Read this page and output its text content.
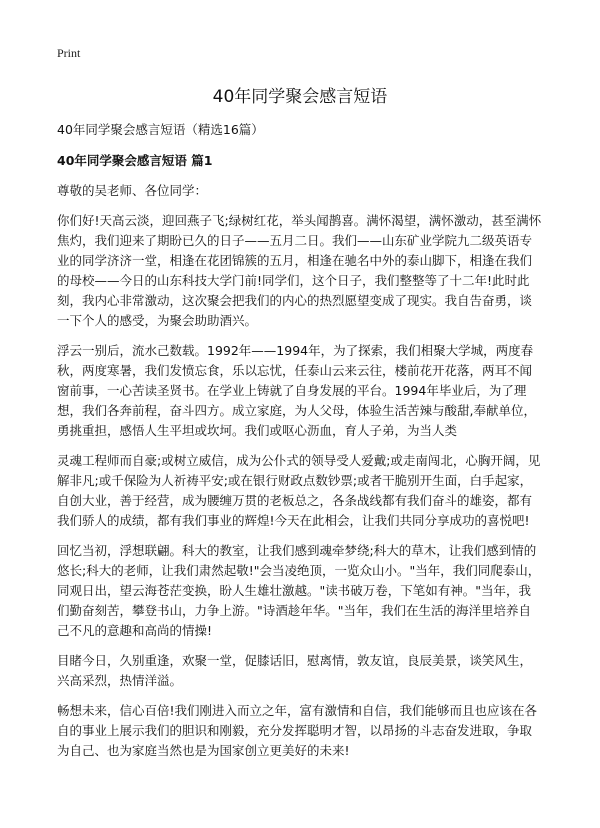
Print
40年同学聚会感言短语

40年同学聚会感言短语（精选16篇）

40年同学聚会感言短语 篇1

尊敬的吴老师、各位同学：

你们好!天高云淡，迎回燕子飞;绿树红花，举头闻鹊喜。满怀渴望，满怀激动，甚至满怀焦灼，我们迎来了期盼已久的日子——五月二日。我们——山东矿业学院九二级英语专业的同学济济一堂，相逢在花团锦簇的五月，相逢在驰名中外的泰山脚下，相逢在我们的母校——今日的山东科技大学门前!同学们，这个日子，我们整整等了十二年!此时此刻，我内心非常激动，这次聚会把我们的内心的热烈愿望变成了现实。我自告奋勇，谈一下个人的感受，为聚会助助酒兴。

浮云一别后，流水己数载。1992年——1994年，为了探索，我们相聚大学城，两度春秋，两度寒暑，我们发愤忘食，乐以忘忧，任泰山云来云往，楼前花开花落，两耳不闻窗前事，一心苦读圣贤书。在学业上铸就了自身发展的平台。1994年毕业后，为了理想，我们各奔前程，奋斗四方。成立家庭，为人父母，体验生活苦辣与酸甜,奉献单位，勇挑重担，感悟人生平坦或坎坷。我们或呕心沥血，育人子弟，为当人类

灵魂工程师而自豪;或树立威信，成为公仆式的领导受人爱戴;或走南闯北，心胸开阔，见解非凡;或千保险为人祈祷平安;或在银行财政点数钞票;或者干脆别开生面，白手起家，自创大业，善于经营，成为腰缠万贯的老板总之，各条战线都有我们奋斗的雄姿，都有我们骄人的成绩，都有我们事业的辉煌!今天在此相会，让我们共同分享成功的喜悦吧!

回忆当初，浮想联翩。科大的教室，让我们感到魂牵梦绕;科大的草木，让我们感到情的悠长;科大的老师，让我们肃然起敬!"会当凌绝顶，一览众山小。"当年，我们同爬泰山，同观日出，望云海苍茫变换，盼人生雄壮激越。"读书破万卷，下笔如有神。"当年，我们勤奋刻苦，攀登书山，力争上游。"诗酒趁年华。"当年，我们在生活的海洋里培养自己不凡的意趣和高尚的情操!

目睹今日，久别重逢，欢聚一堂，促膝话旧，慰离情，敦友谊，良辰美景，谈笑风生，兴高采烈，热情洋溢。

畅想未来，信心百倍!我们刚进入而立之年，富有激情和自信，我们能够而且也应该在各自的事业上展示我们的胆识和刚毅，充分发挥聪明才智，以昂扬的斗志奋发进取，争取为自己、也为家庭当然也是为国家创立更美好的未来!
